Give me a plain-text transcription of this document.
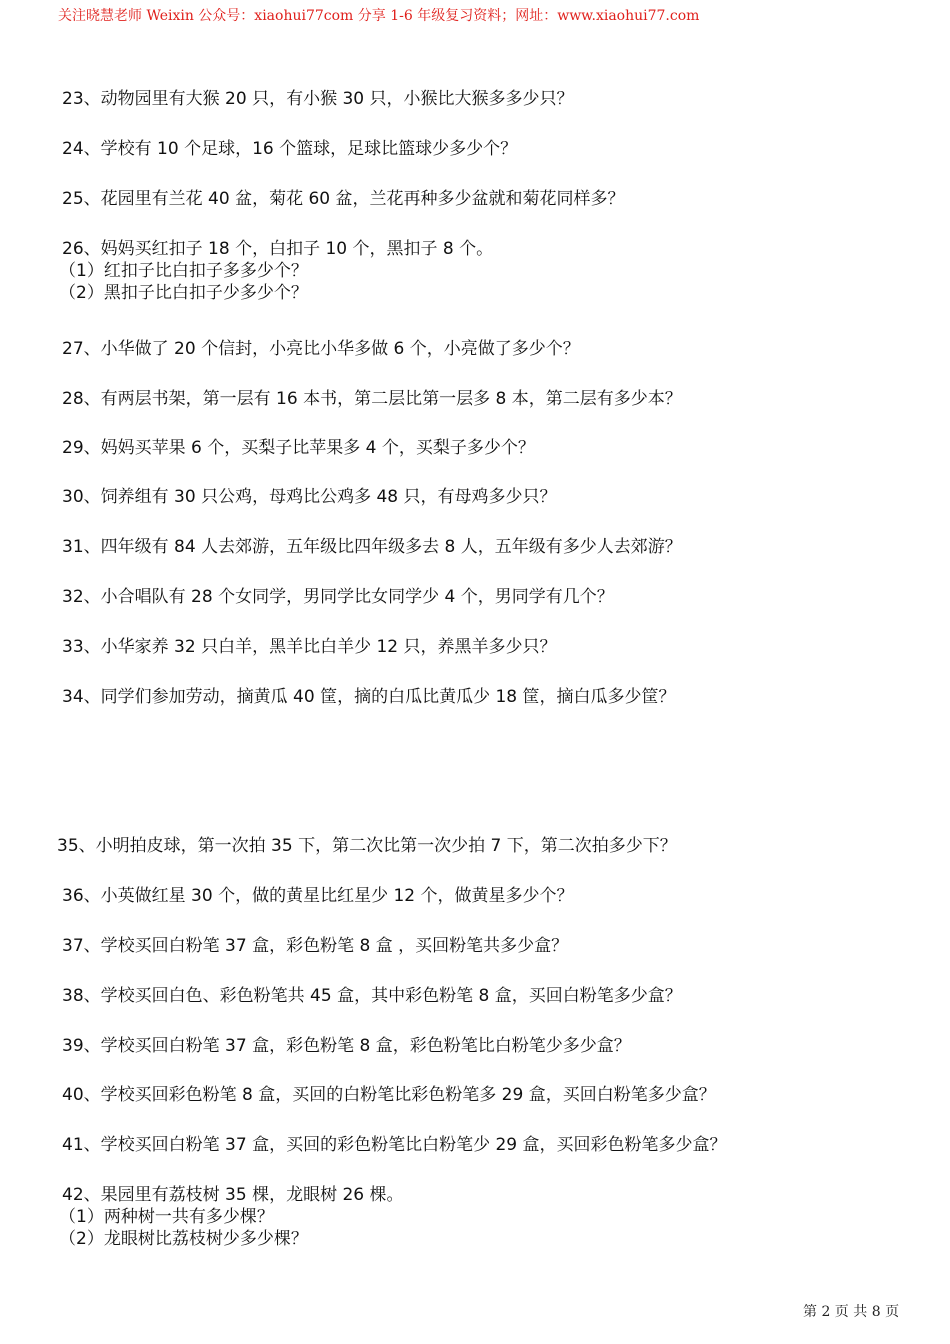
关注晓慧老师 Weixin 公众号：xiaohui77com 分享 1-6 年级复习资料；网址：www.xiaohui77.com
23、动物园里有大猴 20 只，有小猴 30 只，小猴比大猴多多少只？
24、学校有 10 个足球，16 个篮球，足球比篮球少多少个？
25、花园里有兰花 40 盆，菊花 60 盆，兰花再种多少盆就和菊花同样多？
26、妈妈买红扣子 18 个，白扣子 10 个，黑扣子 8 个。
（1）红扣子比白扣子多多少个？
（2）黑扣子比白扣子少多少个？
27、小华做了 20 个信封，小亮比小华多做 6 个，小亮做了多少个？
28、有两层书架，第一层有 16 本书，第二层比第一层多 8 本，第二层有多少本？
29、妈妈买苹果 6 个，买梨子比苹果多 4 个，买梨子多少个？
30、饲养组有 30 只公鸡，母鸡比公鸡多 48 只，有母鸡多少只？
31、四年级有 84 人去郊游，五年级比四年级多去 8 人，五年级有多少人去郊游？
32、小合唱队有 28 个女同学，男同学比女同学少 4 个，男同学有几个？
33、小华家养 32 只白羊，黑羊比白羊少 12 只，养黑羊多少只？
34、同学们参加劳动，摘黄瓜 40 筐，摘的白瓜比黄瓜少 18 筐，摘白瓜多少筐？
35、小明拍皮球，第一次拍 35 下，第二次比第一次少拍 7 下，第二次拍多少下？
36、小英做红星 30 个，做的黄星比红星少 12 个，做黄星多少个？
37、学校买回白粉笔 37 盒，彩色粉笔 8 盒 ，买回粉笔共多少盒？
38、学校买回白色、彩色粉笔共 45 盒，其中彩色粉笔 8 盒，买回白粉笔多少盒？
39、学校买回白粉笔 37 盒，彩色粉笔 8 盒，彩色粉笔比白粉笔少多少盒？
40、学校买回彩色粉笔 8 盒，买回的白粉笔比彩色粉笔多 29 盒，买回白粉笔多少盒？
41、学校买回白粉笔 37 盒，买回的彩色粉笔比白粉笔少 29 盒，买回彩色粉笔多少盒？
42、果园里有荔枝树 35 棵，龙眼树 26 棵。
（1）两种树一共有多少棵？
（2）龙眼树比荔枝树少多少棵？
第 2 页 共 8 页
